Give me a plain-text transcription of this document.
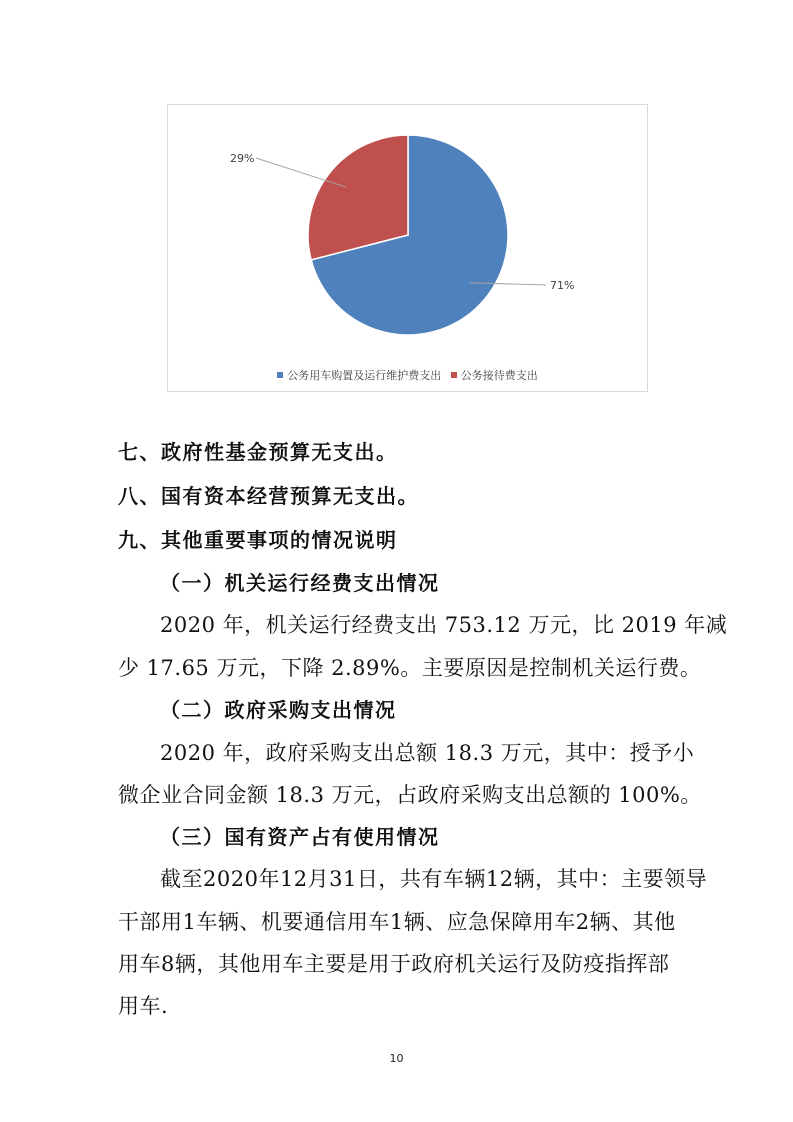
71%
29%
公务用车购置及运行维护费支出 公务接待费支出
七、政府性基金预算无支出。
八、国有资本经营预算无支出。
九、其他重要事项的情况说明
（一）机关运行经费支出情况
2020 年，机关运行经费支出 753.12 万元，比 2019 年减
少 17.65 万元，下降 2.89%。主要原因是控制机关运行费。
（二）政府采购支出情况
2020 年，政府采购支出总额 18.3 万元，其中：授予小
微企业合同金额 18.3 万元，占政府采购支出总额的 100%。
（三）国有资产占有使用情况
截至2020年12月31日，共有车辆12辆，其中：主要领导
干部用1车辆、机要通信用车1辆、应急保障用车2辆、其他
用车8辆，其他用车主要是用于政府机关运行及防疫指挥部
用车.
10
